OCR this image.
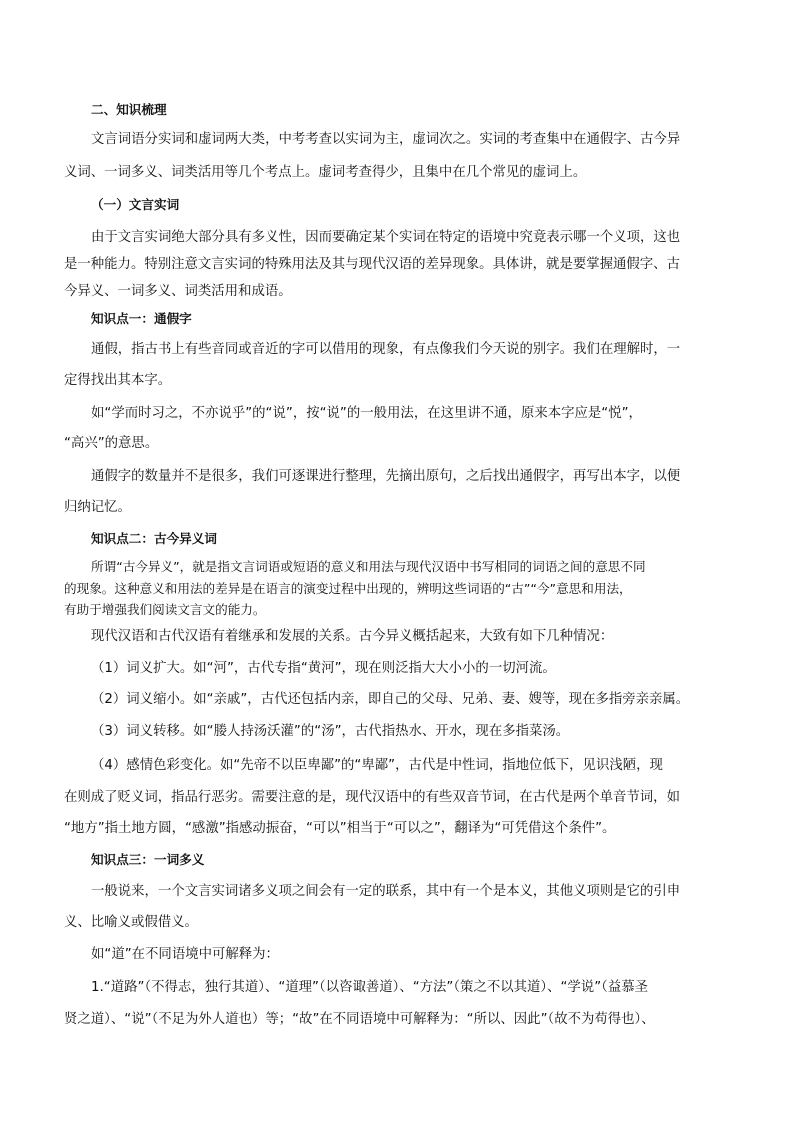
二、知识梳理
文言词语分实词和虚词两大类，中考考查以实词为主，虚词次之。实词的考查集中在通假字、古今异
义词、一词多义、词类活用等几个考点上。虚词考查得少，且集中在几个常见的虚词上。
（一）文言实词
由于文言实词绝大部分具有多义性，因而要确定某个实词在特定的语境中究竟表示哪一个义项，这也
是一种能力。特别注意文言实词的特殊用法及其与现代汉语的差异现象。具体讲，就是要掌握通假字、古
今异义、一词多义、词类活用和成语。
知识点一：通假字
通假，指古书上有些音同或音近的字可以借用的现象，有点像我们今天说的别字。我们在理解时，一
定得找出其本字。
如“学而时习之，不亦说乎”的“说”，按“说”的一般用法，在这里讲不通，原来本字应是“悦”，
“高兴”的意思。
通假字的数量并不是很多，我们可逐课进行整理，先摘出原句，之后找出通假字，再写出本字，以便
归纳记忆。
知识点二：古今异义词
所谓“古今异义”，就是指文言词语或短语的意义和用法与现代汉语中书写相同的词语之间的意思不同
的现象。这种意义和用法的差异是在语言的演变过程中出现的，辨明这些词语的“古”“今”意思和用法，
有助于增强我们阅读文言文的能力。
现代汉语和古代汉语有着继承和发展的关系。古今异义概括起来，大致有如下几种情况：
（1）词义扩大。如“河”，古代专指“黄河”，现在则泛指大大小小的一切河流。
（2）词义缩小。如“亲戚”，古代还包括内亲，即自己的父母、兄弟、妻、嫂等，现在多指旁亲亲属。
（3）词义转移。如“媵人持汤沃灌”的“汤”，古代指热水、开水，现在多指菜汤。
（4）感情色彩变化。如“先帝不以臣卑鄙”的“卑鄙”，古代是中性词，指地位低下，见识浅陋，现
在则成了贬义词，指品行恶劣。需要注意的是，现代汉语中的有些双音节词，在古代是两个单音节词，如
“地方”指土地方圆，“感激”指感动振奋，“可以”相当于“可以之”，翻译为“可凭借这个条件”。
知识点三：一词多义
一般说来，一个文言实词诸多义项之间会有一定的联系，其中有一个是本义，其他义项则是它的引申
义、比喻义或假借义。
如“道”在不同语境中可解释为：
1.“道路”（不得志，独行其道）、“道理”（以咨诹善道）、“方法”（策之不以其道）、“学说”（益慕圣
贤之道）、“说”（不足为外人道也）等；“故”在不同语境中可解释为：“所以、因此”（故不为苟得也）、
